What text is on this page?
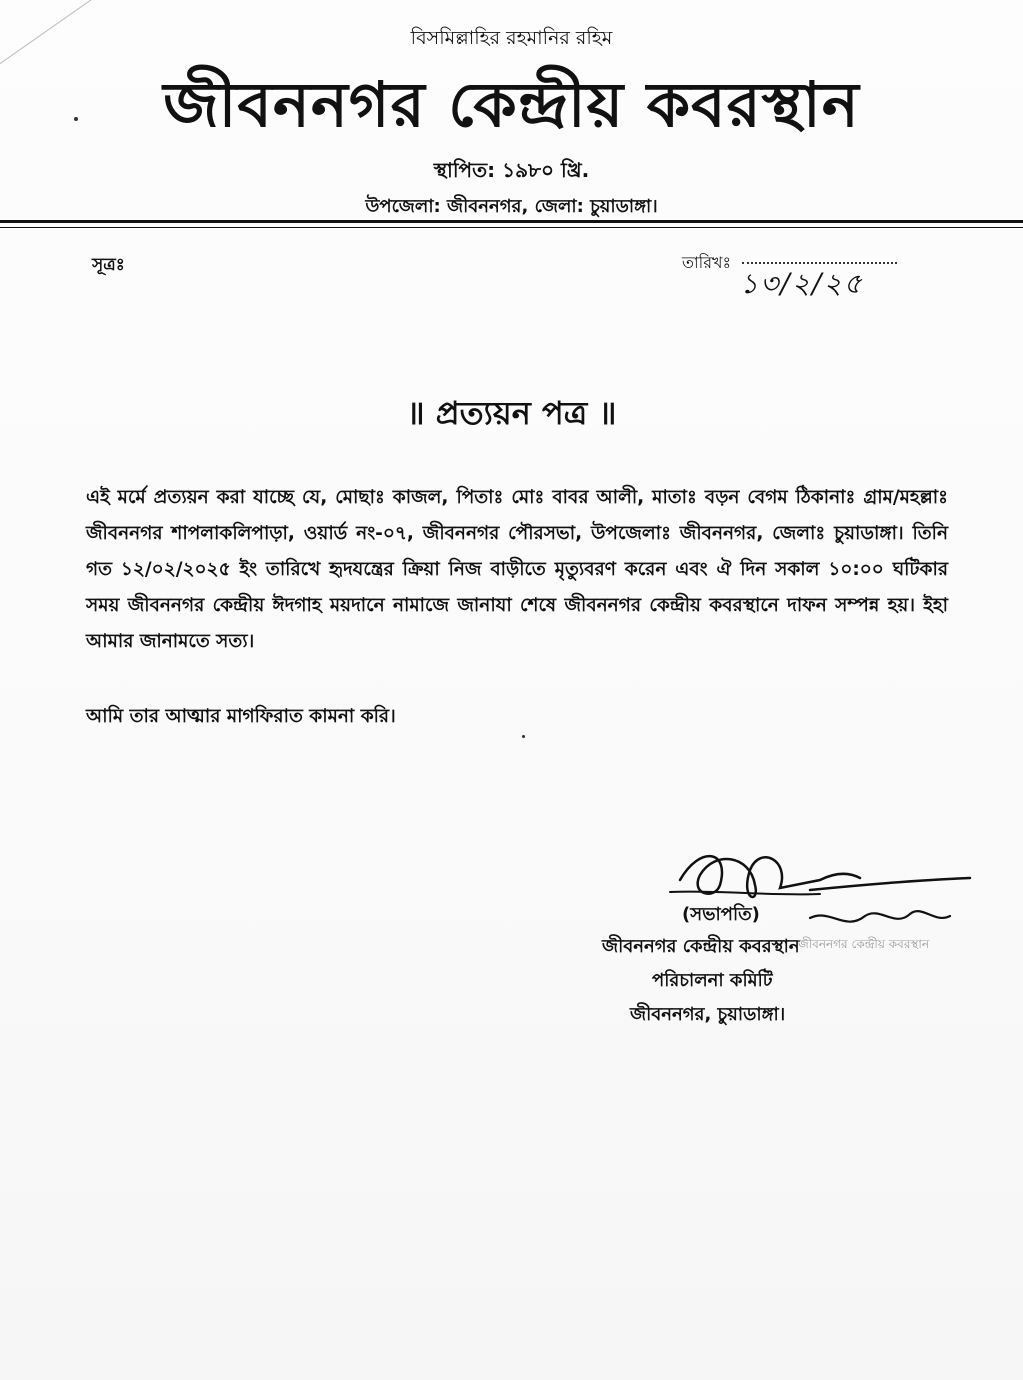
বিসমিল্লাহির রহমানির রহিম
জীবননগর কেন্দ্রীয় কবরস্থান
স্থাপিত: ১৯৮০ খ্রি.
উপজেলা: জীবননগর, জেলা: চুয়াডাঙ্গা।
সূত্রঃ	তারিখঃ
১৩/২/২৫
॥ প্রত্যয়ন পত্র ॥
এই মর্মে প্রত্যয়ন করা যাচ্ছে যে, মোছাঃ কাজল, পিতাঃ মোঃ বাবর আলী, মাতাঃ বড়ন বেগম ঠিকানাঃ গ্রাম/মহল্লাঃ জীবননগর শাপলাকলিপাড়া, ওয়ার্ড নং-০৭, জীবননগর পৌরসভা, উপজেলাঃ জীবননগর, জেলাঃ চুয়াডাঙ্গা। তিনি গত ১২/০২/২০২৫ ইং তারিখে হৃদযন্ত্রের ক্রিয়া নিজ বাড়ীতে মৃত্যুবরণ করেন এবং ঐ দিন সকাল ১০:০০ ঘটিকার সময় জীবননগর কেন্দ্রীয় ঈদগাহ ময়দানে নামাজে জানাযা শেষে জীবননগর কেন্দ্রীয় কবরস্থানে দাফন সম্পন্ন হয়। ইহা আমার জানামতে সত্য।
আমি তার আত্মার মাগফিরাত কামনা করি।
(সভাপতি)
জীবননগর কেন্দ্রীয় কবরস্থান
জীবননগর কেন্দ্রীয় কবরস্থান
পরিচালনা কমিটি
জীবননগর, চুয়াডাঙ্গা।
